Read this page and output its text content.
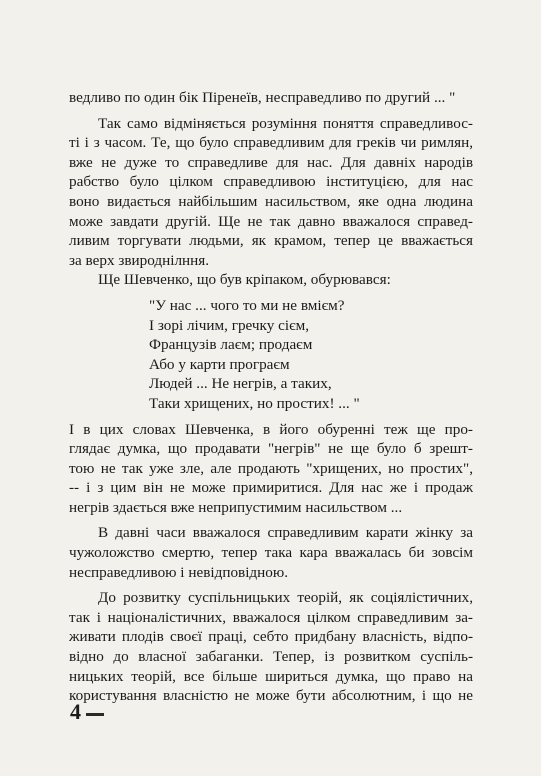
ведливо по один бік Піренеїв, несправедливо по другий ... "
Так само відміняється розуміння поняття справедливос-
ті і з часом. Те, що було справедливим для греків чи римлян,
вже не дуже то справедливе для нас. Для давніх народів
рабство було цілком справедливою інституцією, для нас
воно видається найбільшим насильством, яке одна людина
може завдати другій. Ще не так давно вважалося справед-
ливим торгувати людьми, як крамом, тепер це вважається
за верх звироднілння.
Ще Шевченко, що був кріпаком, обурювався:
"У нас ... чого то ми не вмієм?
І зорі лічим, гречку сієм,
Французів лаєм; продаєм
Або у карти програєм
Людей ... Не негрів, а таких,
Таки хрищених, но простих! ... "
І в цих словах Шевченка, в його обуренні теж ще про-
глядає думка, що продавати "негрів" не ще було б зрешт-
тою не так уже зле, але продають "хрищених, но простих",
-- і з цим він не може примиритися. Для нас же і продаж
негрів здається вже неприпустимим насильством ...
В давні часи вважалося справедливим карати жінку за
чужоложство смертю, тепер така кара вважалась би зовсім
несправедливою і невідповідною.
До розвитку суспільницьких теорій, як соціялістичних,
так і націоналістичних, вважалося цілком справедливим за-
живати плодів своєї праці, себто придбану власність, відпо-
відно до власної забаганки. Тепер, із розвитком суспіль-
ницьких теорій, все більше шириться думка, що право на
користування власністю не може бути абсолютним, і що не
4
